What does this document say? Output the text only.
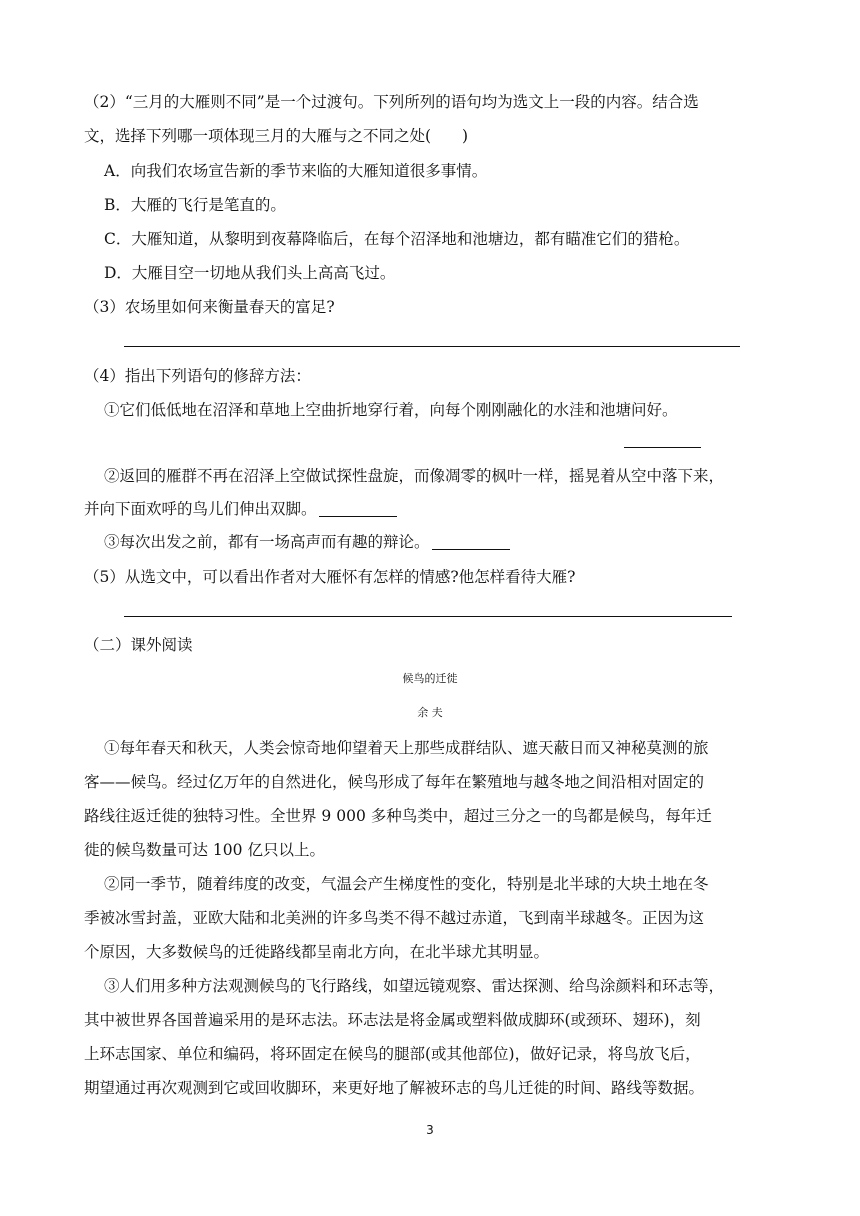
（2）“三月的大雁则不同”是一个过渡句。下列所列的语句均为选文上一段的内容。结合选
文，选择下列哪一项体现三月的大雁与之不同之处(　　)
A．向我们农场宣告新的季节来临的大雁知道很多事情。
B．大雁的飞行是笔直的。
C．大雁知道，从黎明到夜幕降临后，在每个沼泽地和池塘边，都有瞄准它们的猎枪。
D．大雁目空一切地从我们头上高高飞过。
（3）农场里如何来衡量春天的富足?
（4）指出下列语句的修辞方法：
①它们低低地在沼泽和草地上空曲折地穿行着，向每个刚刚融化的水洼和池塘问好。
②返回的雁群不再在沼泽上空做试探性盘旋，而像凋零的枫叶一样，摇晃着从空中落下来，
并向下面欢呼的鸟儿们伸出双脚。
③每次出发之前，都有一场高声而有趣的辩论。
（5）从选文中，可以看出作者对大雁怀有怎样的情感?他怎样看待大雁?
（二）课外阅读
候鸟的迁徙
余 夫
①每年春天和秋天，人类会惊奇地仰望着天上那些成群结队、遮天蔽日而又神秘莫测的旅
客——候鸟。经过亿万年的自然进化，候鸟形成了每年在繁殖地与越冬地之间沿相对固定的
路线往返迁徙的独特习性。全世界 9 000 多种鸟类中，超过三分之一的鸟都是候鸟，每年迁
徙的候鸟数量可达 100 亿只以上。
②同一季节，随着纬度的改变，气温会产生梯度性的变化，特别是北半球的大块土地在冬
季被冰雪封盖，亚欧大陆和北美洲的许多鸟类不得不越过赤道，飞到南半球越冬。正因为这
个原因，大多数候鸟的迁徙路线都呈南北方向，在北半球尤其明显。
③人们用多种方法观测候鸟的飞行路线，如望远镜观察、雷达探测、给鸟涂颜料和环志等，
其中被世界各国普遍采用的是环志法。环志法是将金属或塑料做成脚环(或颈环、翅环)，刻
上环志国家、单位和编码，将环固定在候鸟的腿部(或其他部位)，做好记录，将鸟放飞后，
期望通过再次观测到它或回收脚环，来更好地了解被环志的鸟儿迁徙的时间、路线等数据。
3
